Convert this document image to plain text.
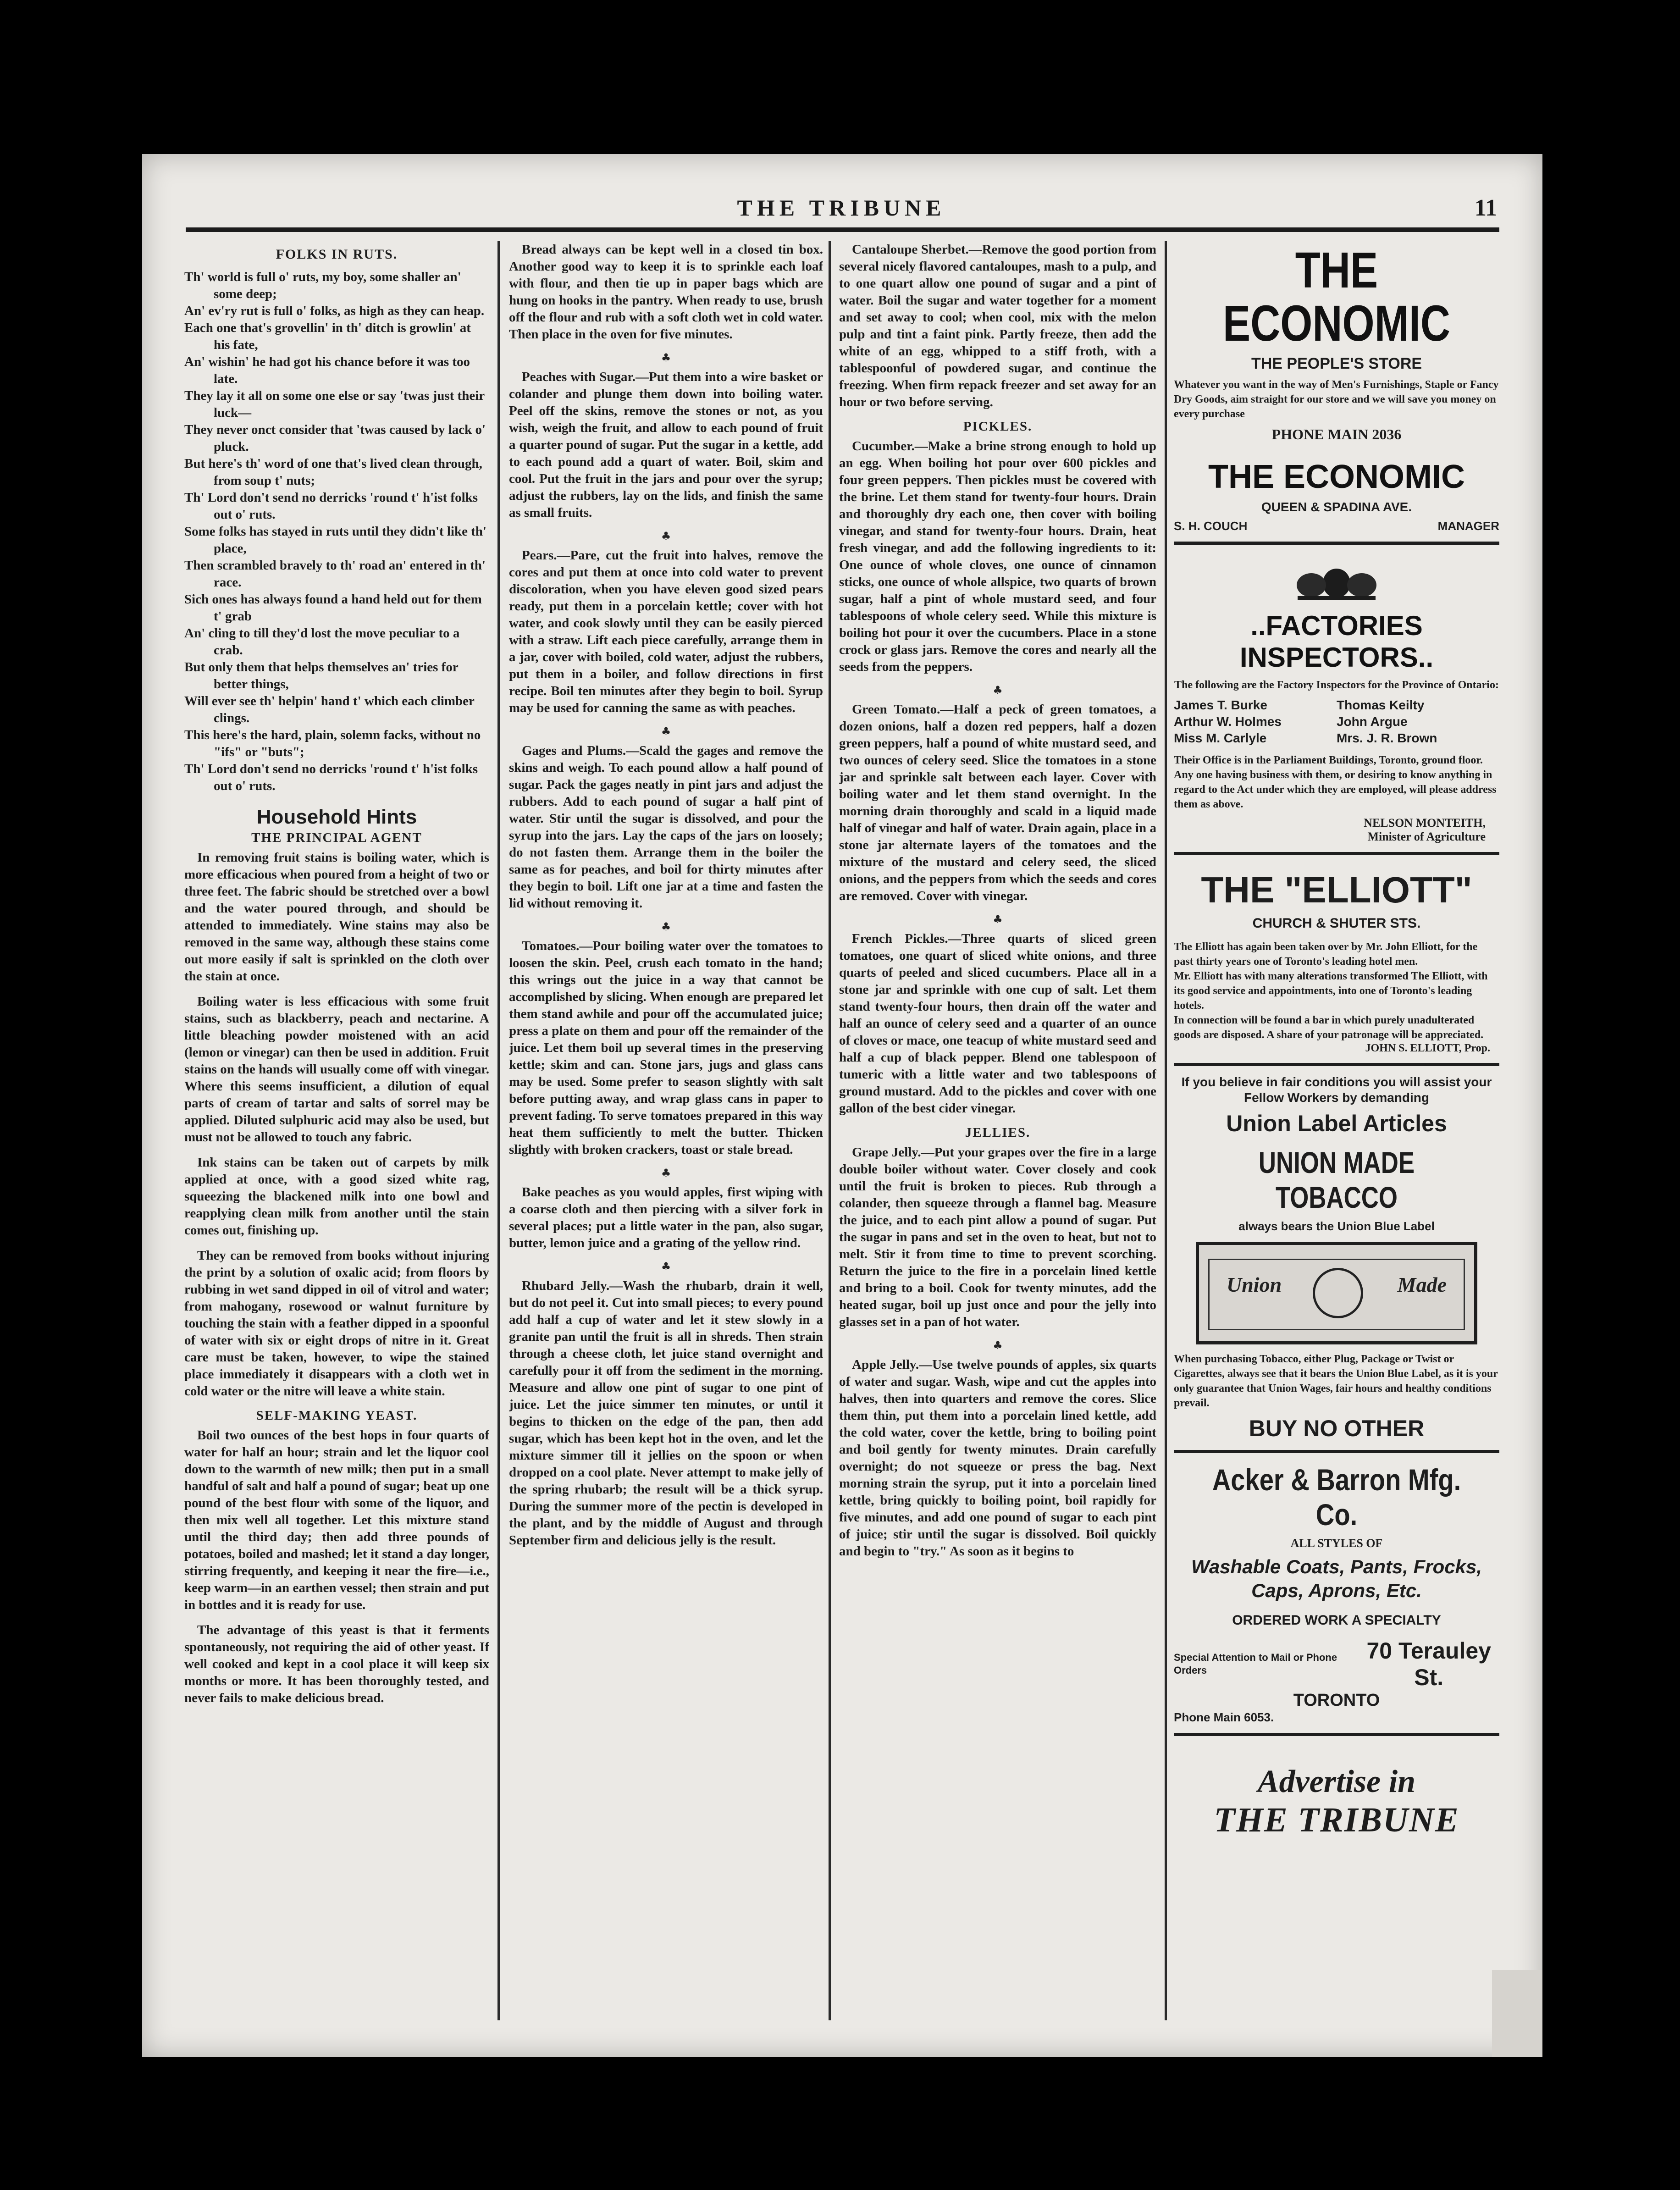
THE TRIBUNE	11
FOLKS IN RUTS.
Th' world is full o' ruts, my boy, some shaller an' some deep;
An' ev'ry rut is full o' folks, as high as they can heap.
Each one that's grovellin' in th' ditch is growlin' at his fate,
An' wishin' he had got his chance before it was too late.
They lay it all on some one else or say 'twas just their luck—
They never onct consider that 'twas caused by lack o' pluck.
But here's th' word of one that's lived clean through, from soup t' nuts;
Th' Lord don't send no derricks 'round t' h'ist folks out o' ruts.
Some folks has stayed in ruts until they didn't like th' place,
Then scrambled bravely to th' road an' entered in th' race.
Sich ones has always found a hand held out for them t' grab
An' cling to till they'd lost the move peculiar to a crab.
But only them that helps themselves an' tries for better things,
Will ever see th' helpin' hand t' which each climber clings.
This here's the hard, plain, solemn facks, without no "ifs" or "buts";
Th' Lord don't send no derricks 'round t' h'ist folks out o' ruts.
Household Hints
THE PRINCIPAL AGENT

In removing fruit stains is boiling water, which is more efficacious when poured from a height of two or three feet. The fabric should be stretched over a bowl and the water poured through, and should be attended to immediately. Wine stains may also be removed in the same way, although these stains come out more easily if salt is sprinkled on the cloth over the stain at once.

Boiling water is less efficacious with some fruit stains, such as blackberry, peach and nectarine. A little bleaching powder moistened with an acid (lemon or vinegar) can then be used in addition. Fruit stains on the hands will usually come off with vinegar. Where this seems insufficient, a dilution of equal parts of cream of tartar and salts of sorrel may be applied. Diluted sulphuric acid may also be used, but must not be allowed to touch any fabric.

Ink stains can be taken out of carpets by milk applied at once, with a good sized white rag, squeezing the blackened milk into one bowl and reapplying clean milk from another until the stain comes out, finishing up.

They can be removed from books without injuring the print by a solution of oxalic acid; from floors by rubbing in wet sand dipped in oil of vitrol and water; from mahogany, rosewood or walnut furniture by touching the stain with a feather dipped in a spoonful of water with six or eight drops of nitre in it. Great care must be taken, however, to wipe the stained place immediately it disappears with a cloth wet in cold water or the nitre will leave a white stain.

SELF-MAKING YEAST.

Boil two ounces of the best hops in four quarts of water for half an hour; strain and let the liquor cool down to the warmth of new milk; then put in a small handful of salt and half a pound of sugar; beat up one pound of the best flour with some of the liquor, and then mix well all together. Let this mixture stand until the third day; then add three pounds of potatoes, boiled and mashed; let it stand a day longer, stirring frequently, and keeping it near the fire—i.e., keep warm—in an earthen vessel; then strain and put in bottles and it is ready for use.

The advantage of this yeast is that it ferments spontaneously, not requiring the aid of other yeast. If well cooked and kept in a cool place it will keep six months or more. It has been thoroughly tested, and never fails to make delicious bread.

Bread always can be kept well in a closed tin box. Another good way to keep it is to sprinkle each loaf with flour, and then tie up in paper bags which are hung on hooks in the pantry. When ready to use, brush off the flour and rub with a soft cloth wet in cold water. Then place in the oven for five minutes.

♣

Peaches with Sugar.—Put them into a wire basket or colander and plunge them down into boiling water. Peel off the skins, remove the stones or not, as you wish, weigh the fruit, and allow to each pound of fruit a quarter pound of sugar. Put the sugar in a kettle, add to each pound add a quart of water. Boil, skim and cool. Put the fruit in the jars and pour over the syrup; adjust the rubbers, lay on the lids, and finish the same as small fruits.

♣

Pears.—Pare, cut the fruit into halves, remove the cores and put them at once into cold water to prevent discoloration, when you have eleven good sized pears ready, put them in a porcelain kettle; cover with hot water, and cook slowly until they can be easily pierced with a straw. Lift each piece carefully, arrange them in a jar, cover with boiled, cold water, adjust the rubbers, put them in a boiler, and follow directions in first recipe. Boil ten minutes after they begin to boil. Syrup may be used for canning the same as with peaches.

♣

Gages and Plums.—Scald the gages and remove the skins and weigh. To each pound allow a half pound of sugar. Pack the gages neatly in pint jars and adjust the rubbers. Add to each pound of sugar a half pint of water. Stir until the sugar is dissolved, and pour the syrup into the jars. Lay the caps of the jars on loosely; do not fasten them. Arrange them in the boiler the same as for peaches, and boil for thirty minutes after they begin to boil. Lift one jar at a time and fasten the lid without removing it.

♣

Tomatoes.—Pour boiling water over the tomatoes to loosen the skin. Peel, crush each tomato in the hand; this wrings out the juice in a way that cannot be accomplished by slicing. When enough are prepared let them stand awhile and pour off the accumulated juice; press a plate on them and pour off the remainder of the juice. Let them boil up several times in the preserving kettle; skim and can. Stone jars, jugs and glass cans may be used. Some prefer to season slightly with salt before putting away, and wrap glass cans in paper to prevent fading. To serve tomatoes prepared in this way heat them sufficiently to melt the butter. Thicken slightly with broken crackers, toast or stale bread.

♣

Bake peaches as you would apples, first wiping with a coarse cloth and then piercing with a silver fork in several places; put a little water in the pan, also sugar, butter, lemon juice and a grating of the yellow rind.

♣

Rhubard Jelly.—Wash the rhubarb, drain it well, but do not peel it. Cut into small pieces; to every pound add half a cup of water and let it stew slowly in a granite pan until the fruit is all in shreds. Then strain through a cheese cloth, let juice stand overnight and carefully pour it off from the sediment in the morning. Measure and allow one pint of sugar to one pint of juice. Let the juice simmer ten minutes, or until it begins to thicken on the edge of the pan, then add sugar, which has been kept hot in the oven, and let the mixture simmer till it jellies on the spoon or when dropped on a cool plate. Never attempt to make jelly of the spring rhubarb; the result will be a thick syrup. During the summer more of the pectin is developed in the plant, and by the middle of August and through September firm and delicious jelly is the result.

Cantaloupe Sherbet.—Remove the good portion from several nicely flavored cantaloupes, mash to a pulp, and to one quart allow one pound of sugar and a pint of water. Boil the sugar and water together for a moment and set away to cool; when cool, mix with the melon pulp and tint a faint pink. Partly freeze, then add the white of an egg, whipped to a stiff froth, with a tablespoonful of powdered sugar, and continue the freezing. When firm repack freezer and set away for an hour or two before serving.

PICKLES.

Cucumber.—Make a brine strong enough to hold up an egg. When boiling hot pour over 600 pickles and four green peppers. Then pickles must be covered with the brine. Let them stand for twenty-four hours. Drain and thoroughly dry each one, then cover with boiling vinegar, and stand for twenty-four hours. Drain, heat fresh vinegar, and add the following ingredients to it: One ounce of whole cloves, one ounce of cinnamon sticks, one ounce of whole allspice, two quarts of brown sugar, half a pint of whole mustard seed, and four tablespoons of whole celery seed. While this mixture is boiling hot pour it over the cucumbers. Place in a stone crock or glass jars. Remove the cores and nearly all the seeds from the peppers.

♣

Green Tomato.—Half a peck of green tomatoes, a dozen onions, half a dozen red peppers, half a dozen green peppers, half a pound of white mustard seed, and two ounces of celery seed. Slice the tomatoes in a stone jar and sprinkle salt between each layer. Cover with boiling water and let them stand overnight. In the morning drain thoroughly and scald in a liquid made half of vinegar and half of water. Drain again, place in a stone jar alternate layers of the tomatoes and the mixture of the mustard and celery seed, the sliced onions, and the peppers from which the seeds and cores are removed. Cover with vinegar.

♣

French Pickles.—Three quarts of sliced green tomatoes, one quart of sliced white onions, and three quarts of peeled and sliced cucumbers. Place all in a stone jar and sprinkle with one cup of salt. Let them stand twenty-four hours, then drain off the water and half an ounce of celery seed and a quarter of an ounce of cloves or mace, one teacup of white mustard seed and half a cup of black pepper. Blend one tablespoon of tumeric with a little water and two tablespoons of ground mustard. Add to the pickles and cover with one gallon of the best cider vinegar.

JELLIES.

Grape Jelly.—Put your grapes over the fire in a large double boiler without water. Cover closely and cook until the fruit is broken to pieces. Rub through a colander, then squeeze through a flannel bag. Measure the juice, and to each pint allow a pound of sugar. Put the sugar in pans and set in the oven to heat, but not to melt. Stir it from time to time to prevent scorching. Return the juice to the fire in a porcelain lined kettle and bring to a boil. Cook for twenty minutes, add the heated sugar, boil up just once and pour the jelly into glasses set in a pan of hot water.

♣

Apple Jelly.—Use twelve pounds of apples, six quarts of water and sugar. Wash, wipe and cut the apples into halves, then into quarters and remove the cores. Slice them thin, put them into a porcelain lined kettle, add the cold water, cover the kettle, bring to boiling point and boil gently for twenty minutes. Drain carefully overnight; do not squeeze or press the bag. Next morning strain the syrup, put it into a porcelain lined kettle, bring quickly to boiling point, boil rapidly for five minutes, and add one pound of sugar to each pint of juice; stir until the sugar is dissolved. Boil quickly and begin to "try." As soon as it begins to

THE ECONOMIC
THE PEOPLE'S STORE
Whatever you want in the way of Men's Furnishings, Staple or Fancy Dry Goods, aim straight for our store and we will save you money on every purchase
PHONE MAIN 2036
THE ECONOMIC
QUEEN & SPADINA AVE.
S. H. COUCH	MANAGER
..FACTORIES INSPECTORS..
The following are the Factory Inspectors for the Province of Ontario:
James T. Burke	Thomas Keilty
Arthur W. Holmes	John Argue
Miss M. Carlyle	Mrs. J. R. Brown
Their Office is in the Parliament Buildings, Toronto, ground floor. Any one having business with them, or desiring to know anything in regard to the Act under which they are employed, will please address them as above.
NELSON MONTEITH,
Minister of Agriculture
THE "ELLIOTT"
CHURCH & SHUTER STS.
The Elliott has again been taken over by Mr. John Elliott, for the past thirty years one of Toronto's leading hotel men.
Mr. Elliott has with many alterations transformed The Elliott, with its good service and appointments, into one of Toronto's leading hotels.
In connection will be found a bar in which purely unadulterated goods are disposed. A share of your patronage will be appreciated.
JOHN S. ELLIOTT, Prop.
If you believe in fair conditions you will assist your Fellow Workers by demanding
Union Label Articles
UNION MADE TOBACCO
always bears the Union Blue Label
Union	Made
When purchasing Tobacco, either Plug, Package or Twist or Cigarettes, always see that it bears the Union Blue Label, as it is your only guarantee that Union Wages, fair hours and healthy conditions prevail.
BUY NO OTHER
Acker & Barron Mfg. Co.
ALL STYLES OF
Washable Coats, Pants, Frocks,
Caps, Aprons, Etc.
ORDERED WORK A SPECIALTY
Special Attention to Mail or Phone Orders
70 Terauley St.
TORONTO
Phone Main 6053.
Advertise in
THE TRIBUNE
